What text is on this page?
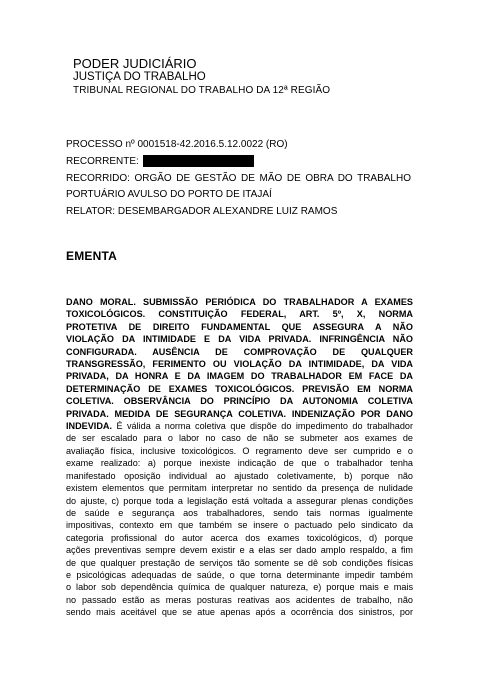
PODER JUDICIÁRIO
JUSTIÇA DO TRABALHO
TRIBUNAL REGIONAL DO TRABALHO DA 12ª REGIÃO
PROCESSO nº 0001518-42.2016.5.12.0022 (RO)
RECORRENTE:
RECORRIDO: ORGÃO DE GESTÃO DE MÃO DE OBRA DO TRABALHO
PORTUÁRIO AVULSO DO PORTO DE ITAJAÍ
RELATOR: DESEMBARGADOR ALEXANDRE LUIZ RAMOS
EMENTA
DANO MORAL. SUBMISSÃO PERIÓDICA DO TRABALHADOR A EXAMES
TOXICOLÓGICOS. CONSTITUIÇÃO FEDERAL, ART. 5º, X, NORMA
PROTETIVA DE DIREITO FUNDAMENTAL QUE ASSEGURA A NÃO
VIOLAÇÃO DA INTIMIDADE E DA VIDA PRIVADA. INFRINGÊNCIA NÃO
CONFIGURADA. AUSÊNCIA DE COMPROVAÇÃO DE QUALQUER
TRANSGRESSÃO, FERIMENTO OU VIOLAÇÃO DA INTIMIDADE, DA VIDA
PRIVADA, DA HONRA E DA IMAGEM DO TRABALHADOR EM FACE DA
DETERMINAÇÃO DE EXAMES TOXICOLÓGICOS. PREVISÃO EM NORMA
COLETIVA. OBSERVÂNCIA DO PRINCÍPIO DA AUTONOMIA COLETIVA
PRIVADA. MEDIDA DE SEGURANÇA COLETIVA. INDENIZAÇÃO POR DANO
INDEVIDA. É válida a norma coletiva que dispõe do impedimento do trabalhador
de ser escalado para o labor no caso de não se submeter aos exames de
avaliação física, inclusive toxicológicos. O regramento deve ser cumprido e o
exame realizado: a) porque inexiste indicação de que o trabalhador tenha
manifestado oposição individual ao ajustado coletivamente, b) porque não
existem elementos que permitam interpretar no sentido da presença de nulidade
do ajuste, c) porque toda a legislação está voltada a assegurar plenas condições
de saúde e segurança aos trabalhadores, sendo tais normas igualmente
impositivas, contexto em que também se insere o pactuado pelo sindicato da
categoria profissional do autor acerca dos exames toxicológicos, d) porque
ações preventivas sempre devem existir e a elas ser dado amplo respaldo, a fim
de que qualquer prestação de serviços tão somente se dê sob condições físicas
e psicológicas adequadas de saúde, o que torna determinante impedir também
o labor sob dependência química de qualquer natureza, e) porque mais e mais
no passado estão as meras posturas reativas aos acidentes de trabalho, não
sendo mais aceitável que se atue apenas após a ocorrência dos sinistros, por
